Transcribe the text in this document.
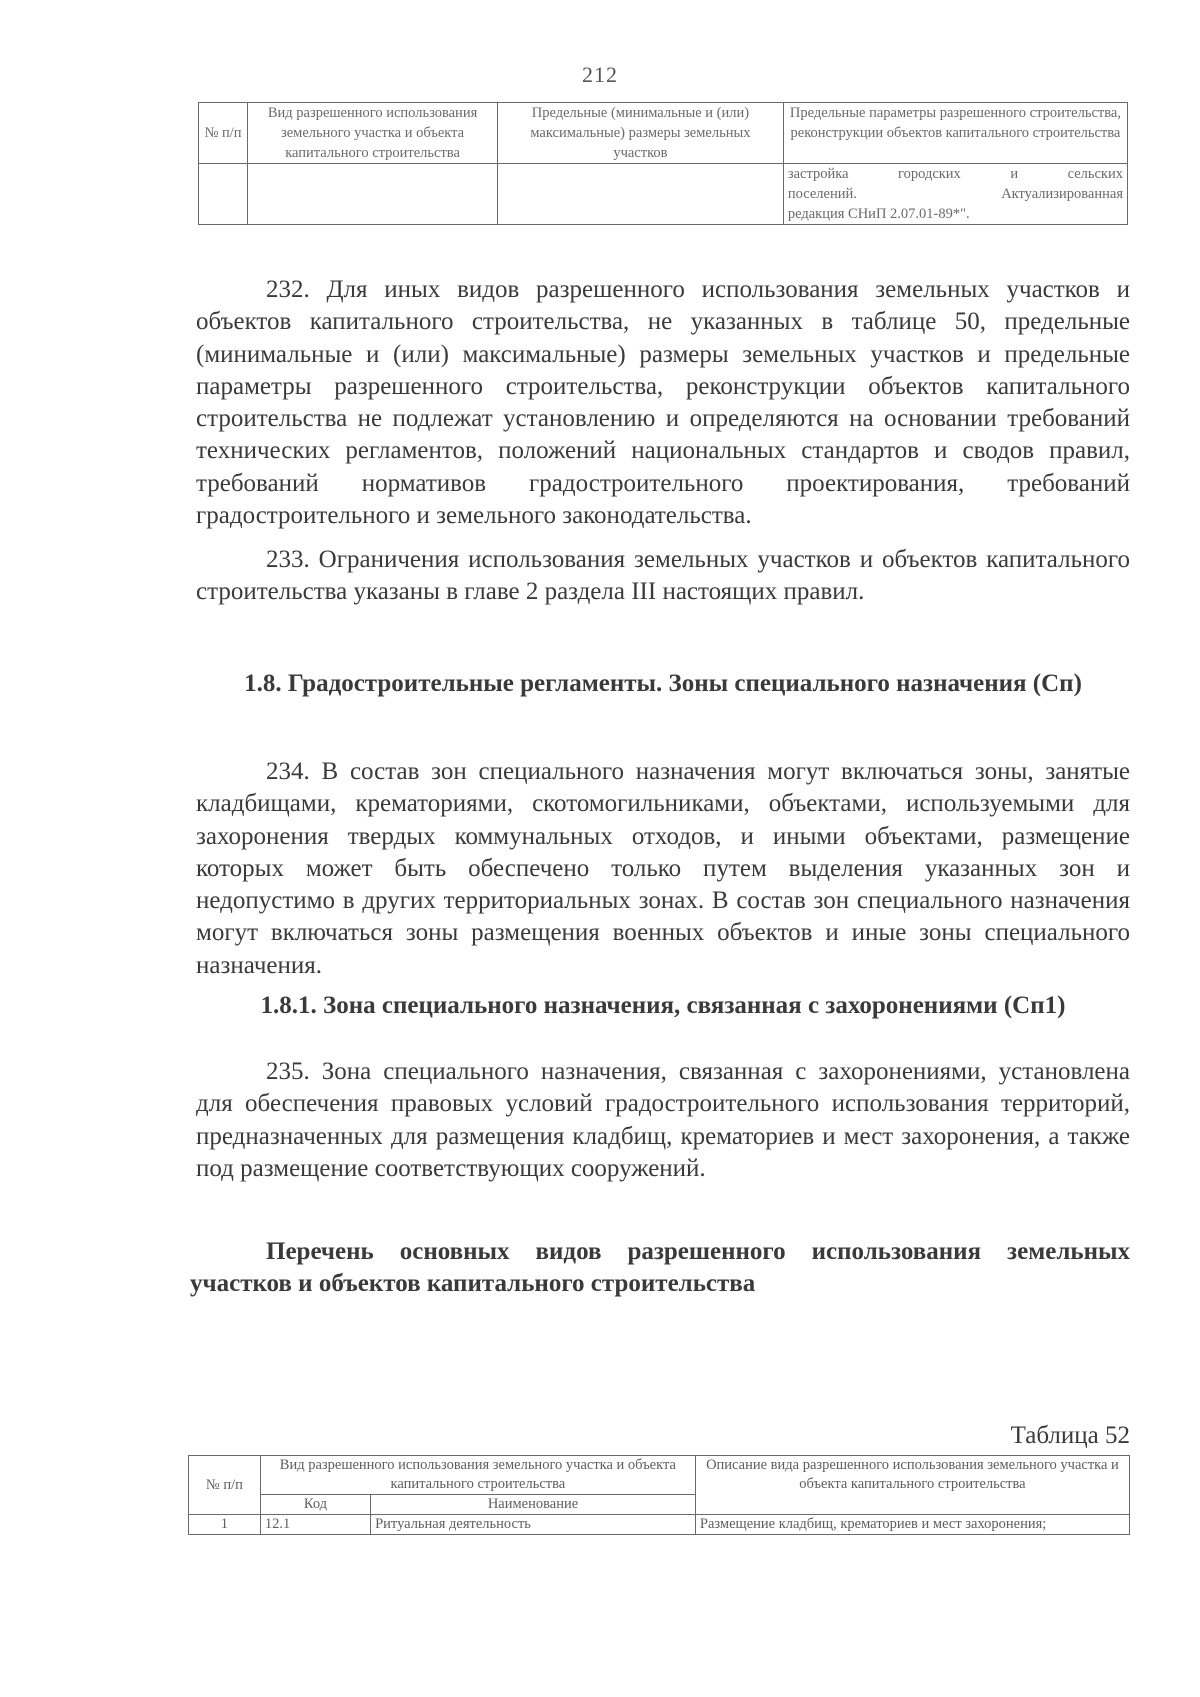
212
№ п/п	Вид разрешенного использования земельного участка и объекта капитального строительства	Предельные (минимальные и (или) максимальные) размеры земельных участков	Предельные параметры разрешенного строительства, реконструкции объектов капитального строительства

			застройка городских и сельских
поселений. Актуализированная
редакция СНиП 2.07.01-89*".
232. Для иных видов разрешенного использования земельных участков и объектов капитального строительства, не указанных в таблице 50, предельные (минимальные и (или) максимальные) размеры земельных участков и предельные параметры разрешенного строительства, реконструкции объектов капитального строительства не подлежат установлению и определяются на основании требований технических регламентов, положений национальных стандартов и сводов правил, требований нормативов градостроительного проектирования, требований градостроительного и земельного законодательства.
233. Ограничения использования земельных участков и объектов капитального строительства указаны в главе 2 раздела III настоящих правил.
1.8. Градостроительные регламенты. Зоны специального назначения (Сп)
234. В состав зон специального назначения могут включаться зоны, занятые кладбищами, крематориями, скотомогильниками, объектами, используемыми для захоронения твердых коммунальных отходов, и иными объектами, размещение которых может быть обеспечено только путем выделения указанных зон и недопустимо в других территориальных зонах. В состав зон специального назначения могут включаться зоны размещения военных объектов и иные зоны специального назначения.
1.8.1. Зона специального назначения, связанная с захоронениями (Сп1)
235. Зона специального назначения, связанная с захоронениями, установлена для обеспечения правовых условий градостроительного использования территорий, предназначенных для размещения кладбищ, крематориев и мест захоронения, а также под размещение соответствующих сооружений.
Перечень основных видов разрешенного использования земельных участков и объектов капитального строительства
Таблица 52
№ п/п	Вид разрешенного использования земельного участка и объекта капитального строительства		Описание вида разрешенного использования земельного участка и объекта капитального строительства
	Код	Наименование	
1	12.1	Ритуальная деятельность	Размещение кладбищ, крематориев и мест захоронения;
